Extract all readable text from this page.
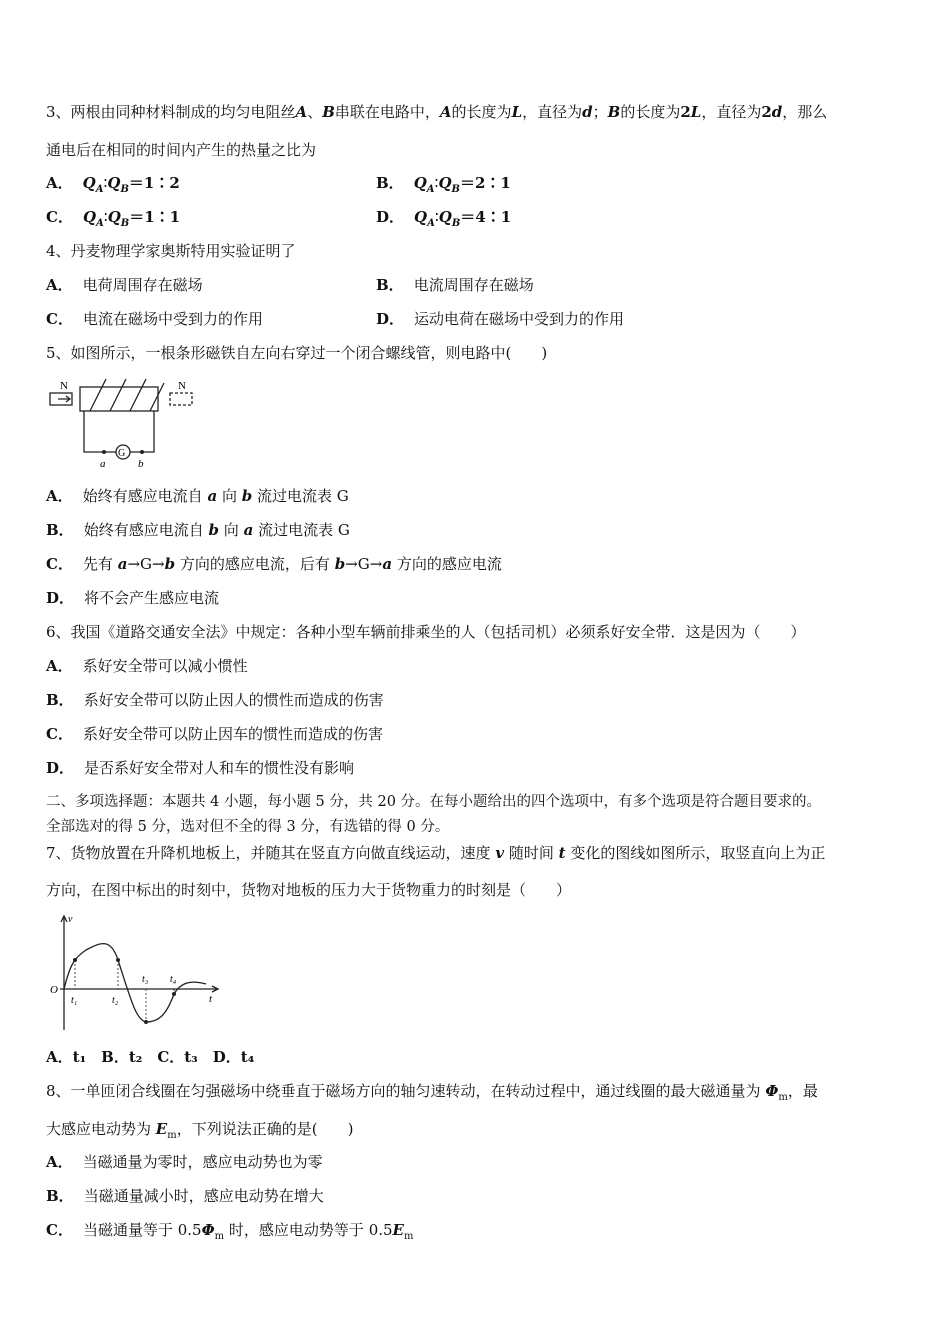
3、两根由同种材料制成的均匀电阻丝A、B串联在电路中，A的长度为L，直径为d；B的长度为2L，直径为2d，那么
通电后在相同的时间内产生的热量之比为
A． $Q_A∶Q_B=1∶2$	B． $Q_A∶Q_B=2∶1$
C． $Q_A∶Q_B=1∶1$	D． $Q_A∶Q_B=4∶1$
4、丹麦物理学家奥斯特用实验证明了
A． 电荷周围存在磁场	B． 电流周围存在磁场
C． 电流在磁场中受到力的作用	D． 运动电荷在磁场中受到力的作用
5、如图所示，一根条形磁铁自左向右穿过一个闭合螺线管，则电路中(　　)
N	N
G
a	b
A． 始终有感应电流自 a 向 b 流过电流表 G
B． 始终有感应电流自 b 向 a 流过电流表 G
C． 先有 a→G→b 方向的感应电流，后有 b→G→a 方向的感应电流
D． 将不会产生感应电流
6、我国《道路交通安全法》中规定：各种小型车辆前排乘坐的人（包括司机）必须系好安全带．这是因为（　　）
A． 系好安全带可以减小惯性
B． 系好安全带可以防止因人的惯性而造成的伤害
C． 系好安全带可以防止因车的惯性而造成的伤害
D． 是否系好安全带对人和车的惯性没有影响
二、多项选择题：本题共 4 小题，每小题 5 分，共 20 分。在每小题给出的四个选项中，有多个选项是符合题目要求的。
全部选对的得 5 分，选对但不全的得 3 分，有选错的得 0 分。
7、货物放置在升降机地板上，并随其在竖直方向做直线运动，速度 v 随时间 t 变化的图线如图所示，取竖直向上为正
方向，在图中标出的时刻中，货物对地板的压力大于货物重力的时刻是（　　）
v
O
t
t₁	t₂
t₃ t₄
A．t₁　B．t₂　C．t₃　D．t₄
8、一单匝闭合线圈在匀强磁场中绕垂直于磁场方向的轴匀速转动，在转动过程中，通过线圈的最大磁通量为 $\Phi_m$，最
大感应电动势为 $E_m$，下列说法正确的是(　　)
A． 当磁通量为零时，感应电动势也为零
B． 当磁通量减小时，感应电动势在增大
C． 当磁通量等于 $0.5\Phi_m$ 时，感应电动势等于 $0.5E_m$
